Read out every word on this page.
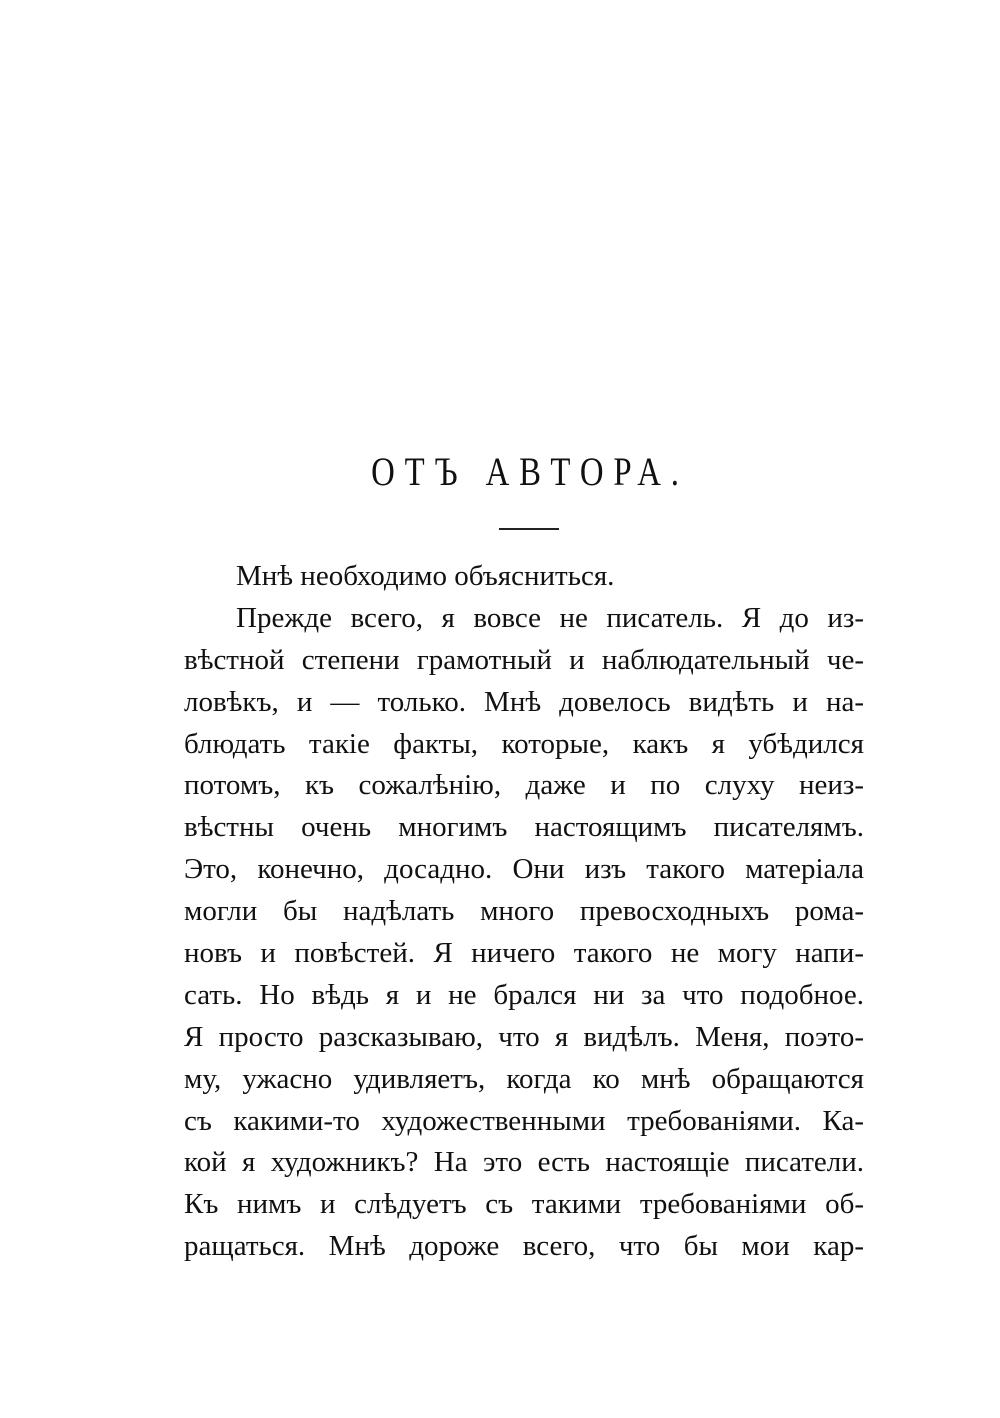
ОТЪ АВТОРА.
Мнѣ необходимо объясниться.
Прежде всего, я вовсе не писатель. Я до из-
вѣстной степени грамотный и наблюдательный че-
ловѣкъ, и — только. Мнѣ довелось видѣть и на-
блюдать такіе факты, которые, какъ я убѣдился
потомъ, къ сожалѣнію, даже и по слуху неиз-
вѣстны очень многимъ настоящимъ писателямъ.
Это, конечно, досадно. Они изъ такого матеріала
могли бы надѣлать много превосходныхъ рома-
новъ и повѣстей. Я ничего такого не могу напи-
сать. Но вѣдь я и не брался ни за что подобное.
Я просто разсказываю, что я видѣлъ. Меня, поэто-
му, ужасно удивляетъ, когда ко мнѣ обращаются
съ какими-то художественными требованіями. Ка-
кой я художникъ? На это есть настоящіе писатели.
Къ нимъ и слѣдуетъ съ такими требованіями об-
ращаться. Мнѣ дороже всего, что бы мои кар-
